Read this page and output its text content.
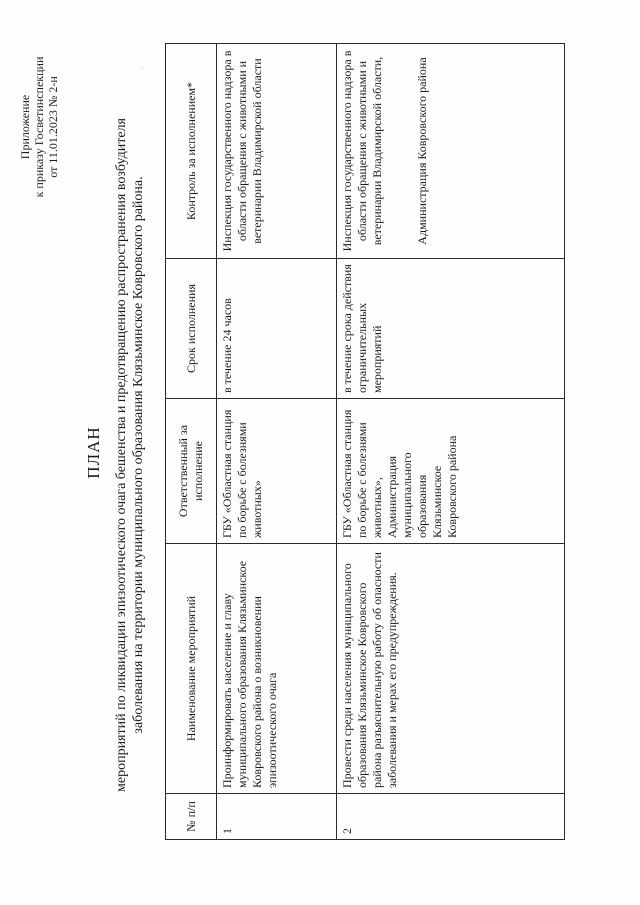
Приложение к приказу Госветинспекции от 11.01.2023 № 2-н
·
ПЛАН мероприятий по ликвидации эпизоотического очага бешенства и предотвращению распространения возбудителя заболевания на территории муниципального образования Клязьминское Ковровского района.
№ п/п	Наименование мероприятий	Ответственный за исполнение	Срок исполнения	Контроль за исполнением*
1	Проинформировать население и главу муниципального образования Клязьминское Ковровского района о возникновении эпизоотического очага	ГБУ «Областная станция по борьбе с болезнями животных»	в течение 24 часов	Инспекция государственного надзора в области обращения с животными и ветеринарии Владимирской области

2	Провести среди населения муниципального образования Клязьминское Ковровского района разъяснительную работу об опасности заболевания и мерах его предупреждения.	ГБУ «Областная станция по борьбе с болезнями животных», Администрация муниципального образования Клязьминское Ковровского района	в течение срока действия ограничительных мероприятий	Инспекция государственного надзора в области обращения с животными и ветеринарии Владимирской области, Администрация Ковровского района
